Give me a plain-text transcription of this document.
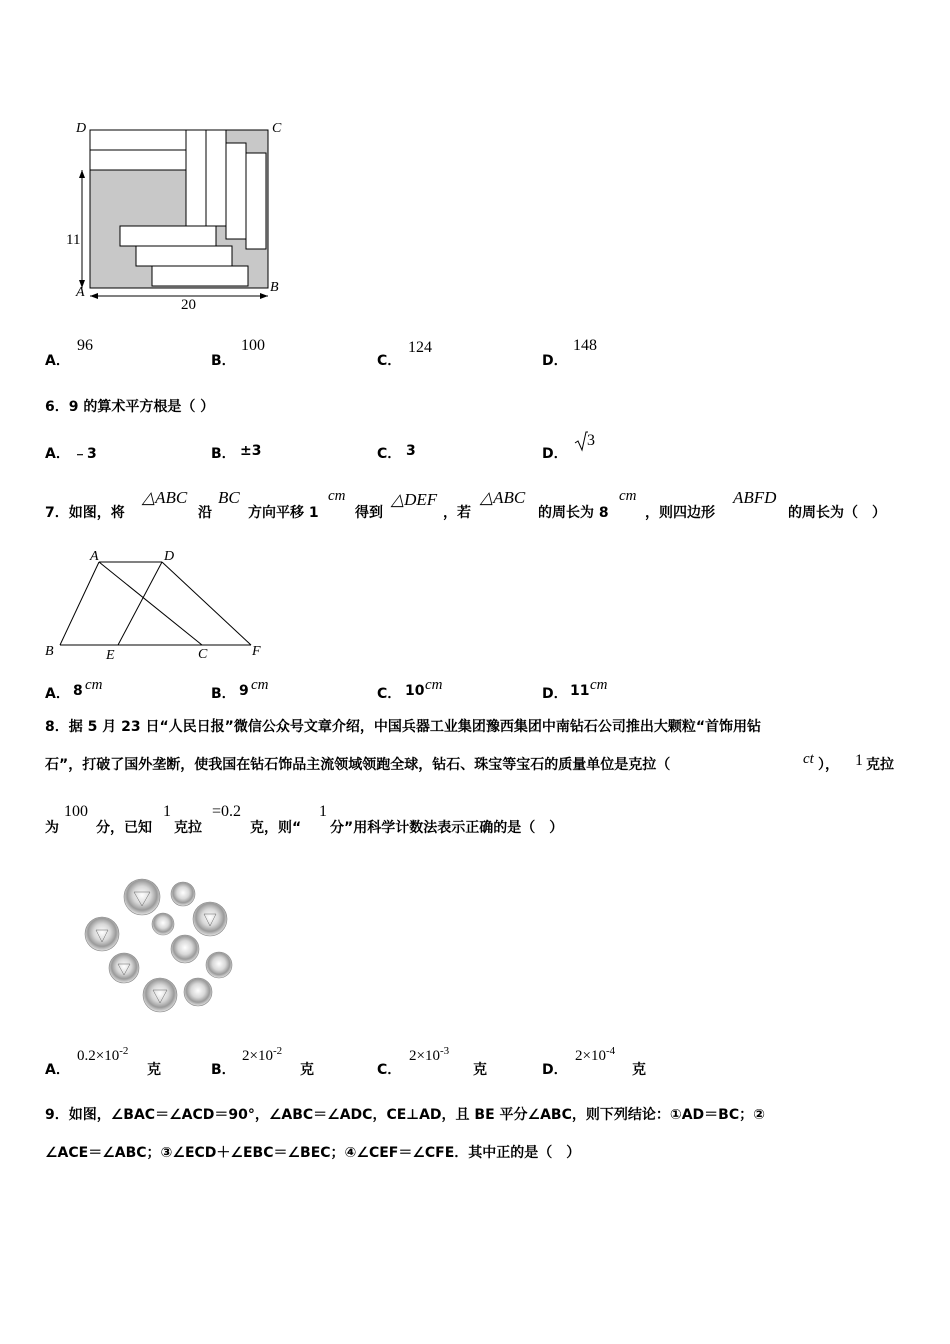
D	C
A	B
11
20
A．
96
B．
100
C．
124
D．
148
6．9 的算术平方根是（ ）
A． ﹣3	B． ±3	C． 3	D．
3
7．如图，将
△ABC
沿
BC
方向平移 1
cm
得到
△DEF
，若
△ABC
的周长为 8
cm
，则四边形
ABFD
的周长为（　）
A	D
B	E	C	F
A． 8 cm
B． 9 cm
C． 10 cm
D． 11 cm
8．据 5 月 23 日“人民日报”微信公众号文章介绍，中国兵器工业集团豫西集团中南钻石公司推出大颗粒“首饰用钻
石”，打破了国外垄断，使我国在钻石饰品主流领域领跑全球，钻石、珠宝等宝石的质量单位是克拉（	ct ）， 1 克拉
为
100
分，已知
1
克拉
=0.2
克，则“
1
分”用科学计数法表示正确的是（　）
A．
$0.2\times 10^{-2}$
克	B．
$2\times 10^{-2}$
克	C．
$2\times 10^{-3}$
克	D．
$2\times 10^{-4}$
克
9．如图，∠BAC＝∠ACD＝90°，∠ABC＝∠ADC，CE⊥AD，且 BE 平分∠ABC，则下列结论：①AD＝BC；②
∠ACE＝∠ABC；③∠ECD＋∠EBC＝∠BEC；④∠CEF＝∠CFE．其中正的是（　）
